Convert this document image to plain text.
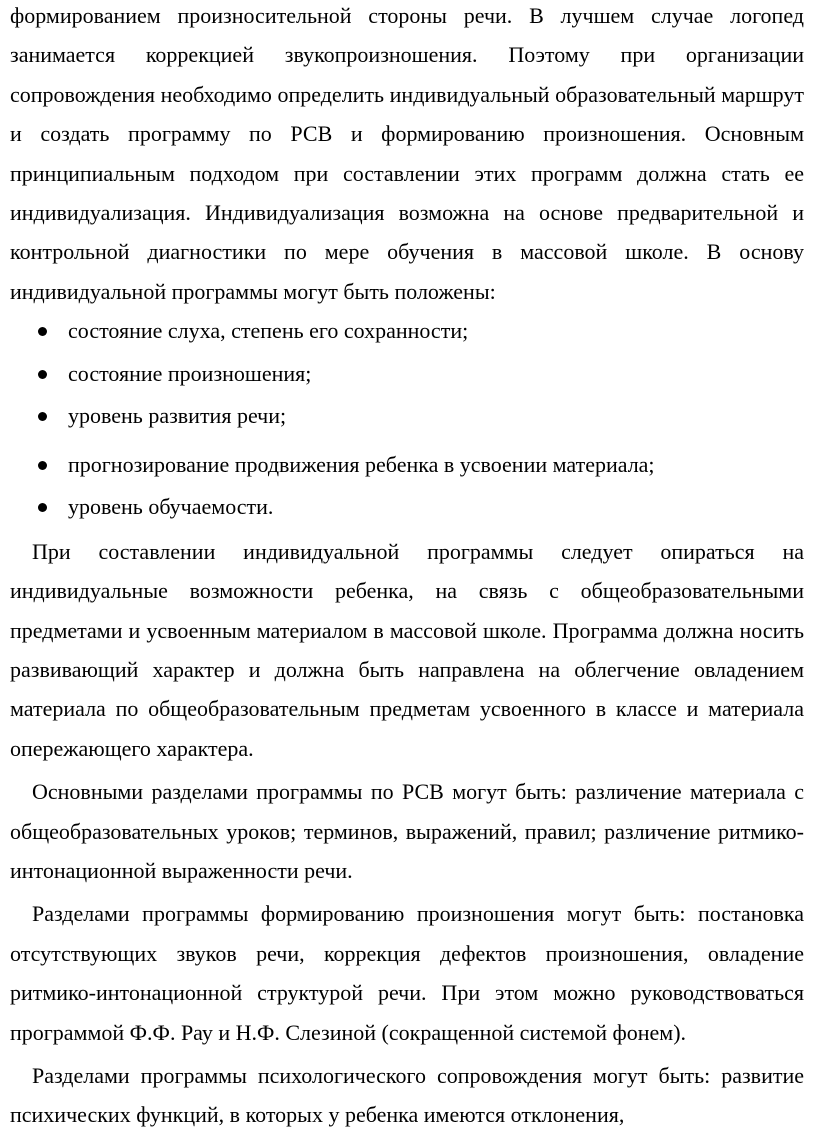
формированием произносительной стороны речи. В лучшем случае логопед занимается коррекцией звукопроизношения. Поэтому при организации сопровождения необходимо определить индивидуальный образовательный маршрут и создать программу по РСВ и формированию произношения. Основным принципиальным подходом при составлении этих программ должна стать ее индивидуализация. Индивидуализация возможна на основе предварительной и контрольной диагностики по мере обучения в массовой школе. В основу индивидуальной программы могут быть положены:

состояние слуха, степень его сохранности;
состояние произношения;
уровень развития речи;
прогнозирование продвижения ребенка в усвоении материала;
уровень обучаемости.

При составлении индивидуальной программы следует опираться на индивидуальные возможности ребенка, на связь с общеобразовательными предметами и усвоенным материалом в массовой школе. Программа должна носить развивающий характер и должна быть направлена на облегчение овладением материала по общеобразовательным предметам усвоенного в классе и материала опережающего характера.

Основными разделами программы по РСВ могут быть: различение материала с общеобразовательных уроков; терминов, выражений, правил; различение ритмико-интонационной выраженности речи.

Разделами программы формированию произношения могут быть: постановка отсутствующих звуков речи, коррекция дефектов произношения, овладение ритмико-интонационной структурой речи. При этом можно руководствоваться программой Ф.Ф. Рау и Н.Ф. Слезиной (сокращенной системой фонем).

Разделами программы психологического сопровождения могут быть: развитие психических функций, в которых у ребенка имеются отклонения,
